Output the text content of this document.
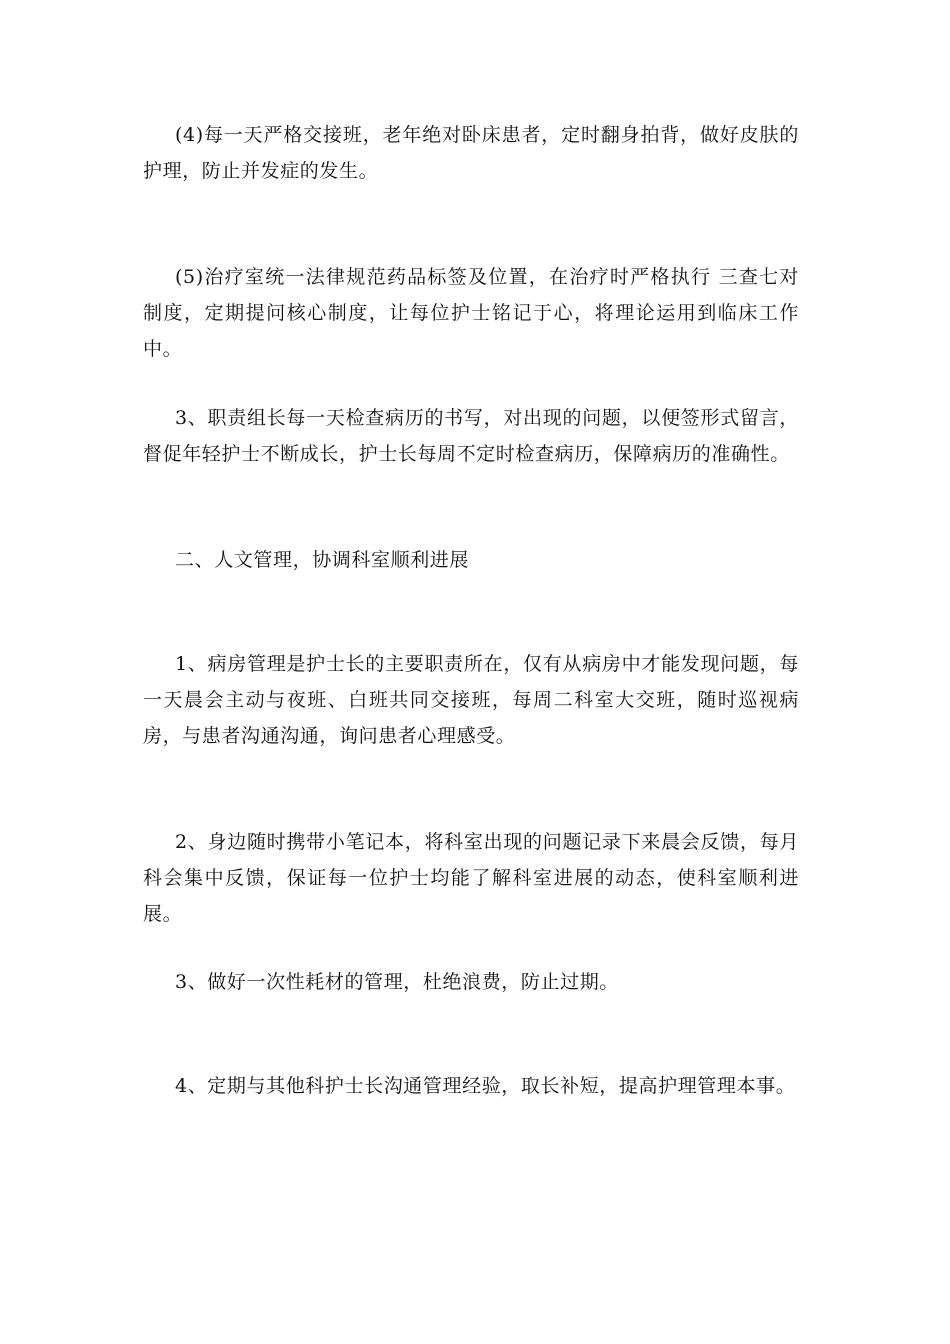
(4)每一天严格交接班，老年绝对卧床患者，定时翻身拍背，做好皮肤的护理，防止并发症的发生。

(5)治疗室统一法律规范药品标签及位置，在治疗时严格执行 三查七对 制度，定期提问核心制度，让每位护士铭记于心，将理论运用到临床工作中。

3、职责组长每一天检查病历的书写，对出现的问题，以便签形式留言，督促年轻护士不断成长，护士长每周不定时检查病历，保障病历的准确性。

二、人文管理，协调科室顺利进展

1、病房管理是护士长的主要职责所在，仅有从病房中才能发现问题，每一天晨会主动与夜班、白班共同交接班，每周二科室大交班，随时巡视病房，与患者沟通沟通，询问患者心理感受。

2、身边随时携带小笔记本，将科室出现的问题记录下来晨会反馈，每月科会集中反馈，保证每一位护士均能了解科室进展的动态，使科室顺利进展。

3、做好一次性耗材的管理，杜绝浪费，防止过期。

4、定期与其他科护士长沟通管理经验，取长补短，提高护理管理本事。
